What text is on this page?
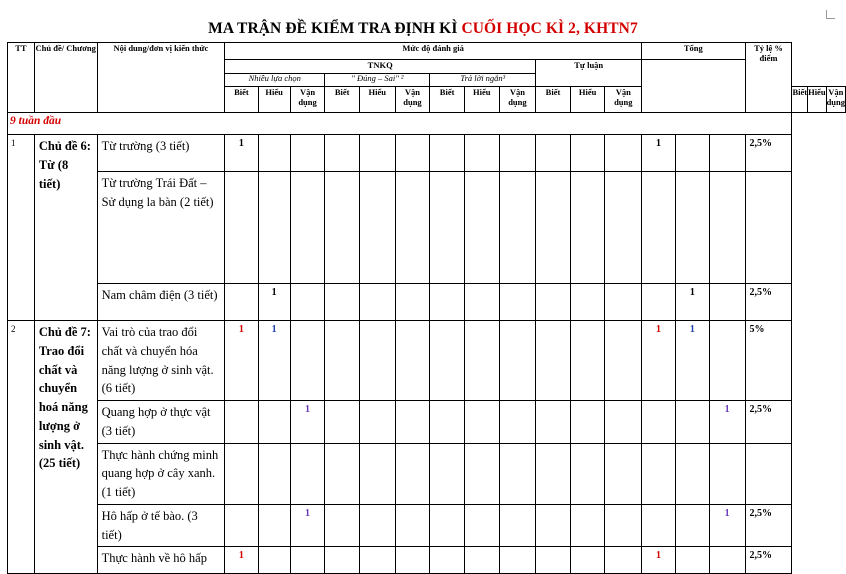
MA TRẬN ĐỀ KIỂM TRA ĐỊNH KÌ CUỐI HỌC KÌ 2, KHTN7
TT	Chủ đề/ Chương	Nội dung/đơn vị kiến thức	Mức độ đánh giá												Tổng			Tỷ lệ % điểm			
			TNKQ									Tự luận									
			Nhiều lựa chọn			" Đúng – Sai" ²			Trả lời ngắn³												
			Biết	Hiểu	Vận dụng	Biết	Hiểu	Vận dụng	Biết	Hiểu	Vận dụng	Biết	Hiểu	Vận dụng					Biết	Hiểu	Vận dụng
9 tuần đầu																					
1	Chủ đề 6: Từ (8 tiết)	Từ trường (3 tiết)	1												1			2,5%			
		Từ trường Trái Đất – Sử dụng la bàn (2 tiết)																			
		Nam châm điện (3 tiết)		1												1		2,5%			
2	Chủ đề 7: Trao đổi chất và chuyển hoá năng lượng ở sinh vật. (25 tiết)	Vai trò của trao đổi chất và chuyển hóa năng lượng ở sinh vật. (6 tiết)	1	1											1	1		5%			
		Quang hợp ở thực vật (3 tiết)			1												1	2,5%			
		Thực hành chứng minh quang hợp ở cây xanh. (1 tiết)																			
		Hô hấp ở tế bào. (3 tiết)			1												1	2,5%			
		Thực hành về hô hấp	1												1			2,5%			
